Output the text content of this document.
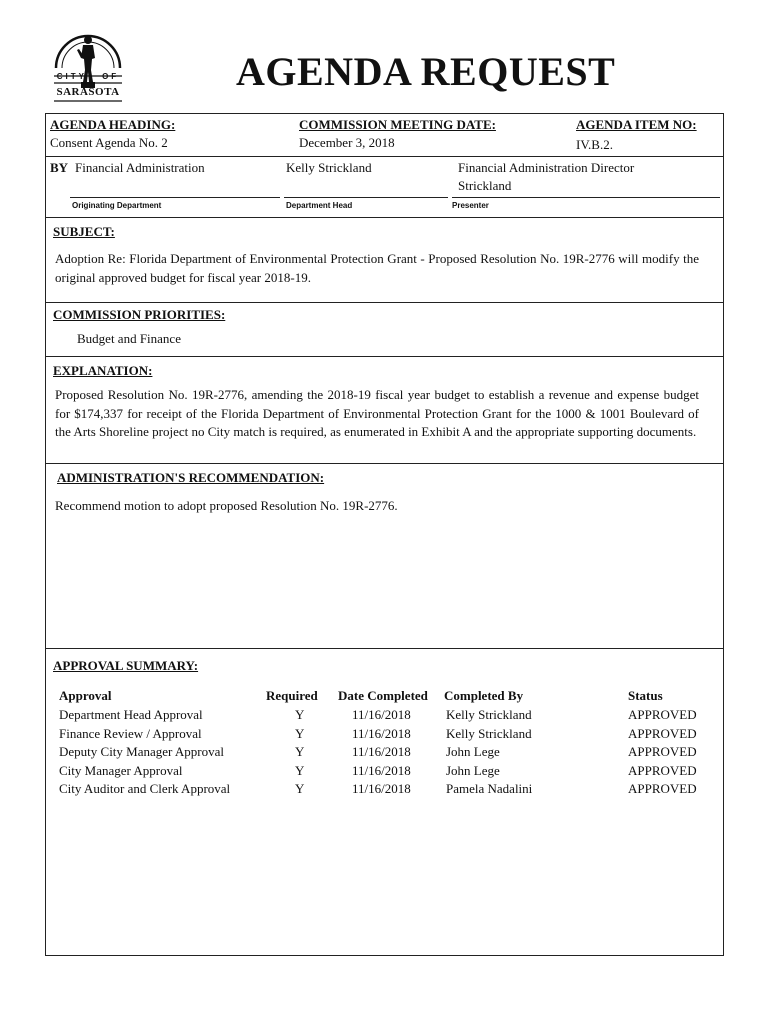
CITY OF
SARASOTA	AGENDA REQUEST
AGENDA HEADING:
Consent Agenda No. 2
COMMISSION MEETING DATE:
December 3, 2018
AGENDA ITEM NO:
IV.B.2.
BY Financial Administration	Kelly Strickland	Financial Administration Director
Strickland
Originating Department	Department Head	Presenter
SUBJECT:
Adoption Re: Florida Department of Environmental Protection Grant - Proposed Resolution No. 19R-2776 will modify the original approved budget for fiscal year 2018-19.
COMMISSION PRIORITIES:
Budget and Finance
EXPLANATION:
Proposed Resolution No. 19R-2776, amending the 2018-19 fiscal year budget to establish a revenue and expense budget for $174,337 for receipt of the Florida Department of Environmental Protection Grant for the 1000 & 1001 Boulevard of the Arts Shoreline project no City match is required, as enumerated in Exhibit A and the appropriate supporting documents.
ADMINISTRATION'S RECOMMENDATION:
Recommend motion to adopt proposed Resolution No. 19R-2776.
APPROVAL SUMMARY:
Approval	Required	Date Completed	Completed By	Status
Department Head Approval	Y	11/16/2018	Kelly Strickland	APPROVED
Finance Review / Approval	Y	11/16/2018	Kelly Strickland	APPROVED
Deputy City Manager Approval	Y	11/16/2018	John Lege	APPROVED
City Manager Approval	Y	11/16/2018	John Lege	APPROVED
City Auditor and Clerk Approval	Y	11/16/2018	Pamela Nadalini	APPROVED
